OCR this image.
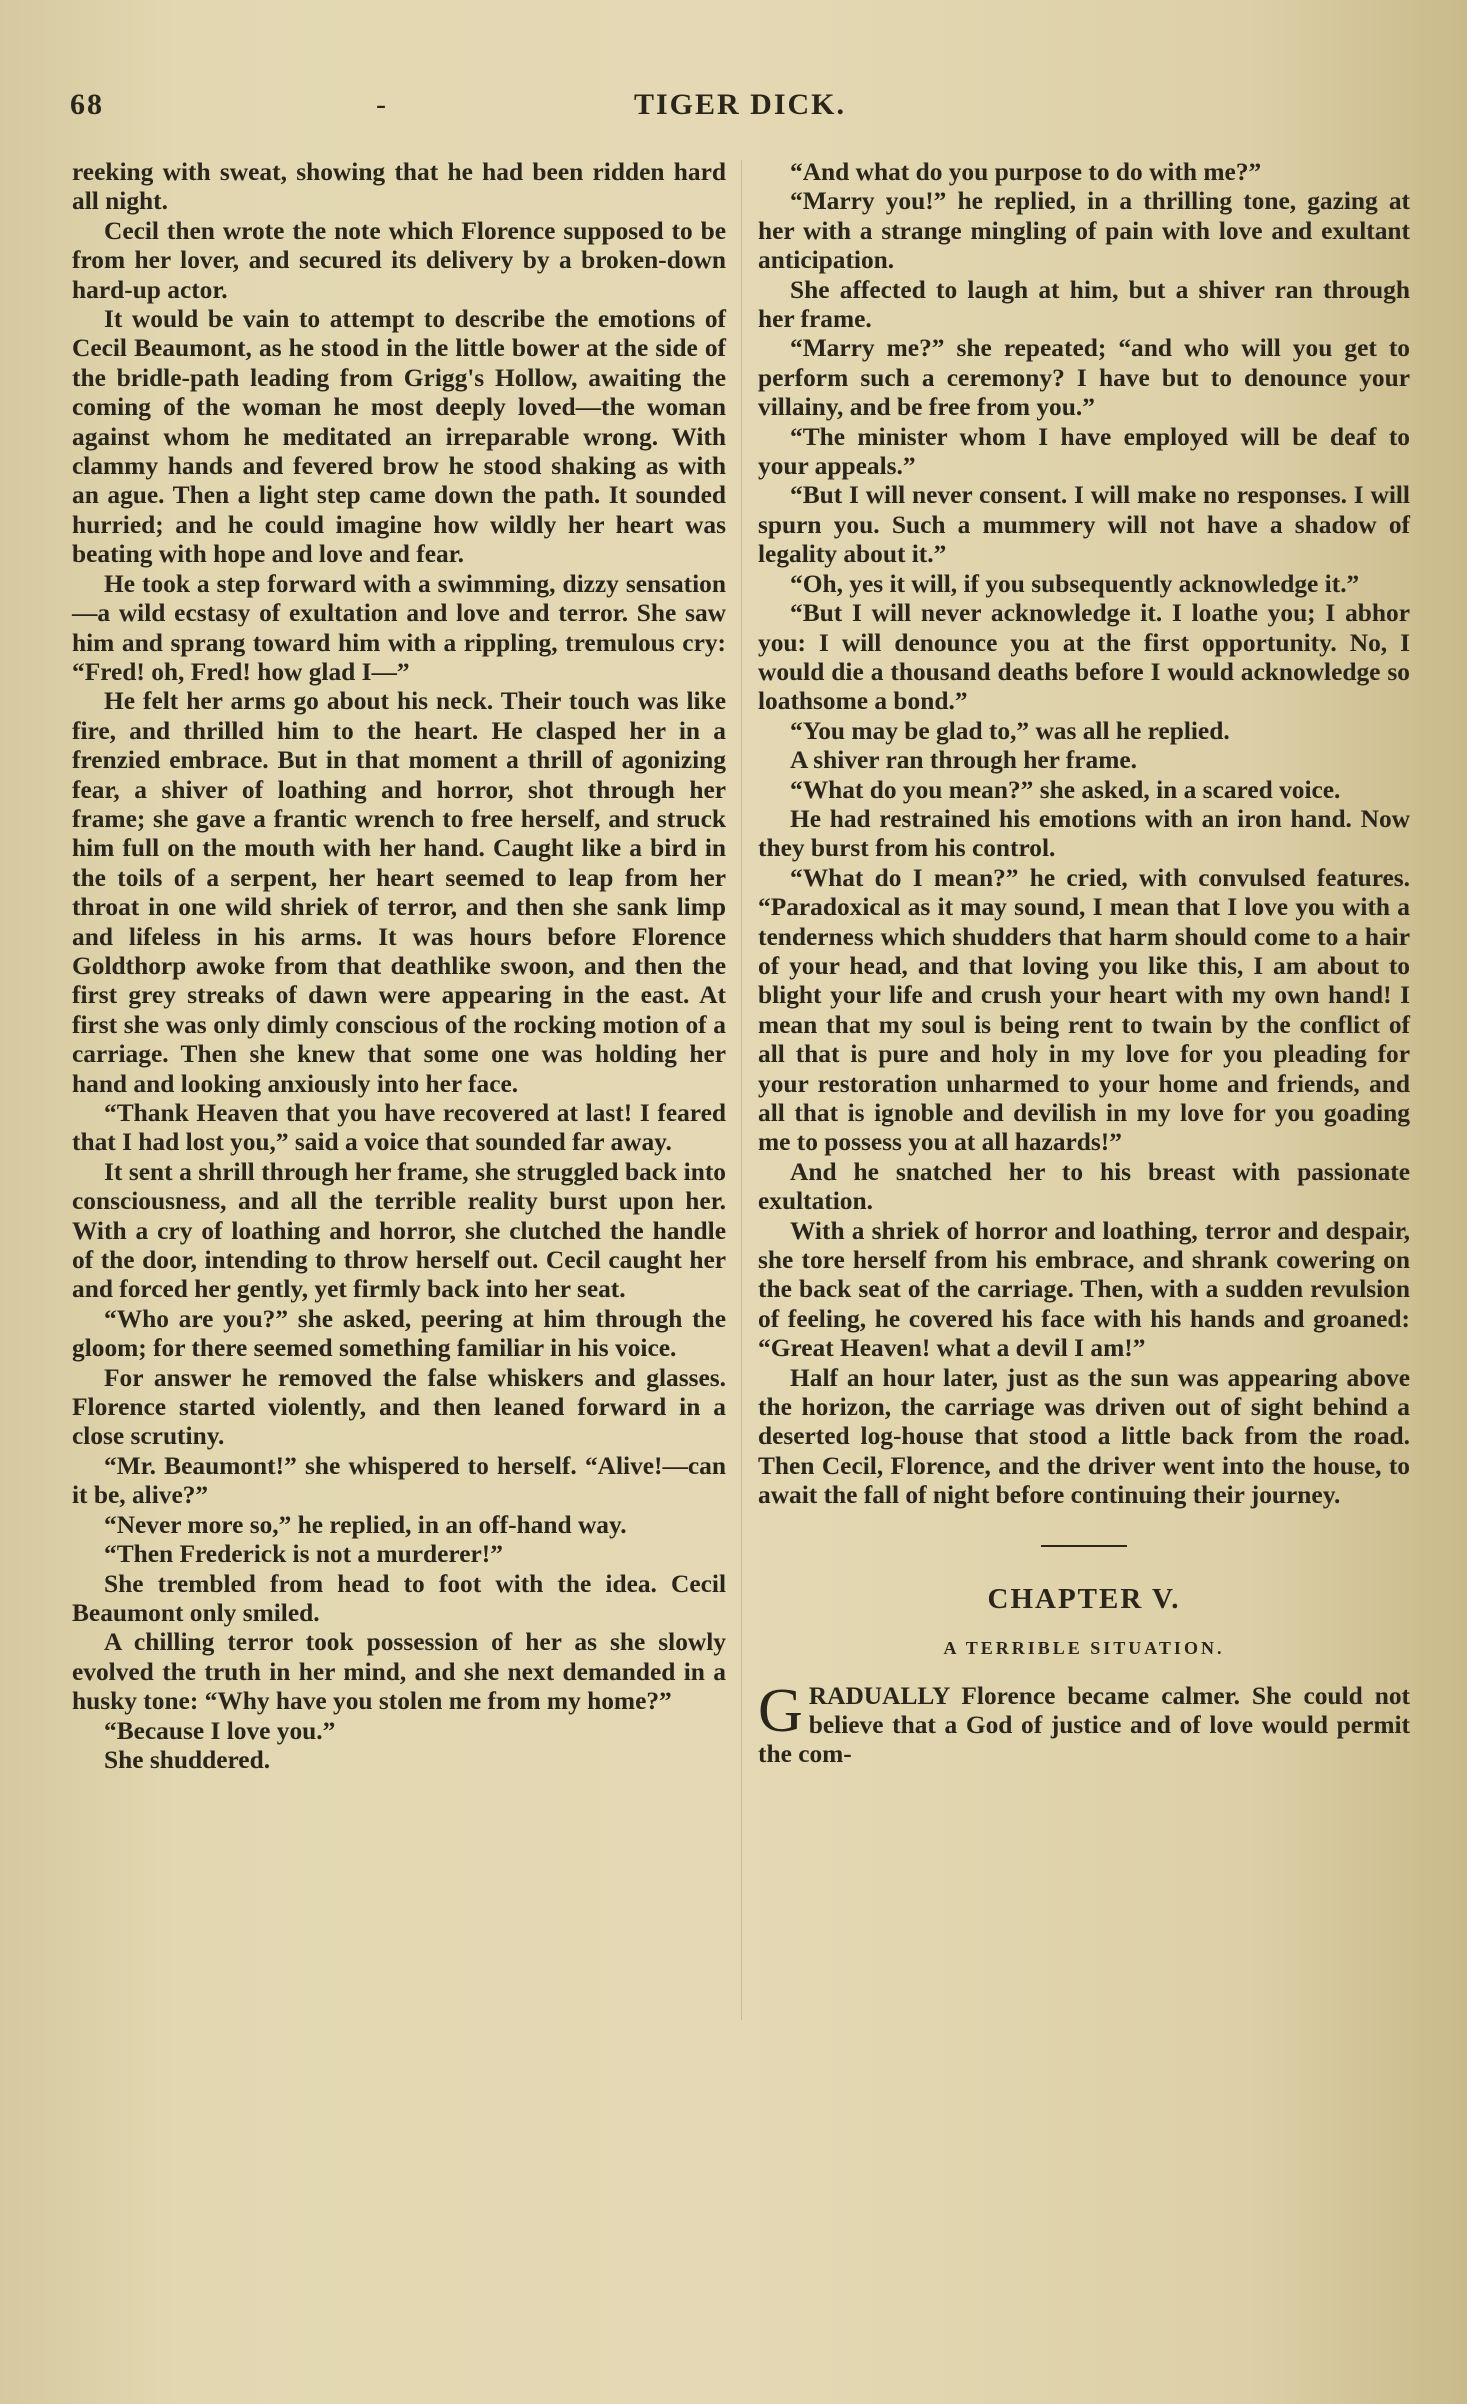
68	-	TIGER DICK.

reeking with sweat, showing that he had been ridden hard all night.

Cecil then wrote the note which Florence supposed to be from her lover, and secured its delivery by a broken-down hard-up actor.

It would be vain to attempt to describe the emotions of Cecil Beaumont, as he stood in the little bower at the side of the bridle-path leading from Grigg's Hollow, awaiting the coming of the woman he most deeply loved—the woman against whom he meditated an irreparable wrong. With clammy hands and fevered brow he stood shaking as with an ague. Then a light step came down the path. It sounded hurried; and he could imagine how wildly her heart was beating with hope and love and fear.

He took a step forward with a swimming, dizzy sensation—a wild ecstasy of exultation and love and terror. She saw him and sprang toward him with a rippling, tremulous cry: “Fred! oh, Fred! how glad I—”

He felt her arms go about his neck. Their touch was like fire, and thrilled him to the heart. He clasped her in a frenzied embrace. But in that moment a thrill of agonizing fear, a shiver of loathing and horror, shot through her frame; she gave a frantic wrench to free herself, and struck him full on the mouth with her hand. Caught like a bird in the toils of a serpent, her heart seemed to leap from her throat in one wild shriek of terror, and then she sank limp and lifeless in his arms. It was hours before Florence Goldthorp awoke from that deathlike swoon, and then the first grey streaks of dawn were appearing in the east. At first she was only dimly conscious of the rocking motion of a carriage. Then she knew that some one was holding her hand and looking anxiously into her face.

“Thank Heaven that you have recovered at last! I feared that I had lost you,” said a voice that sounded far away.

It sent a shrill through her frame, she struggled back into consciousness, and all the terrible reality burst upon her. With a cry of loathing and horror, she clutched the handle of the door, intending to throw herself out. Cecil caught her and forced her gently, yet firmly back into her seat.

“Who are you?” she asked, peering at him through the gloom; for there seemed something familiar in his voice.

For answer he removed the false whiskers and glasses. Florence started violently, and then leaned forward in a close scrutiny.

“Mr. Beaumont!” she whispered to herself. “Alive!—can it be, alive?”

“Never more so,” he replied, in an off-hand way.

“Then Frederick is not a murderer!”

She trembled from head to foot with the idea. Cecil Beaumont only smiled.

A chilling terror took possession of her as she slowly evolved the truth in her mind, and she next demanded in a husky tone: “Why have you stolen me from my home?”

“Because I love you.”

She shuddered.

“And what do you purpose to do with me?”

“Marry you!” he replied, in a thrilling tone, gazing at her with a strange mingling of pain with love and exultant anticipation.

She affected to laugh at him, but a shiver ran through her frame.

“Marry me?” she repeated; “and who will you get to perform such a ceremony? I have but to denounce your villainy, and be free from you.”

“The minister whom I have employed will be deaf to your appeals.”

“But I will never consent. I will make no responses. I will spurn you. Such a mummery will not have a shadow of legality about it.”

“Oh, yes it will, if you subsequently acknowledge it.”

“But I will never acknowledge it. I loathe you; I abhor you: I will denounce you at the first opportunity. No, I would die a thousand deaths before I would acknowledge so loathsome a bond.”

“You may be glad to,” was all he replied.

A shiver ran through her frame.

“What do you mean?” she asked, in a scared voice.

He had restrained his emotions with an iron hand. Now they burst from his control.

“What do I mean?” he cried, with convulsed features. “Paradoxical as it may sound, I mean that I love you with a tenderness which shudders that harm should come to a hair of your head, and that loving you like this, I am about to blight your life and crush your heart with my own hand! I mean that my soul is being rent to twain by the conflict of all that is pure and holy in my love for you pleading for your restoration unharmed to your home and friends, and all that is ignoble and devilish in my love for you goading me to possess you at all hazards!”

And he snatched her to his breast with passionate exultation.

With a shriek of horror and loathing, terror and despair, she tore herself from his embrace, and shrank cowering on the back seat of the carriage. Then, with a sudden revulsion of feeling, he covered his face with his hands and groaned: “Great Heaven! what a devil I am!”

Half an hour later, just as the sun was appearing above the horizon, the carriage was driven out of sight behind a deserted log-house that stood a little back from the road. Then Cecil, Florence, and the driver went into the house, to await the fall of night before continuing their journey.

CHAPTER V.
A TERRIBLE SITUATION.

GRADUALLY Florence became calmer. She could not believe that a God of justice and of love would permit the com-
